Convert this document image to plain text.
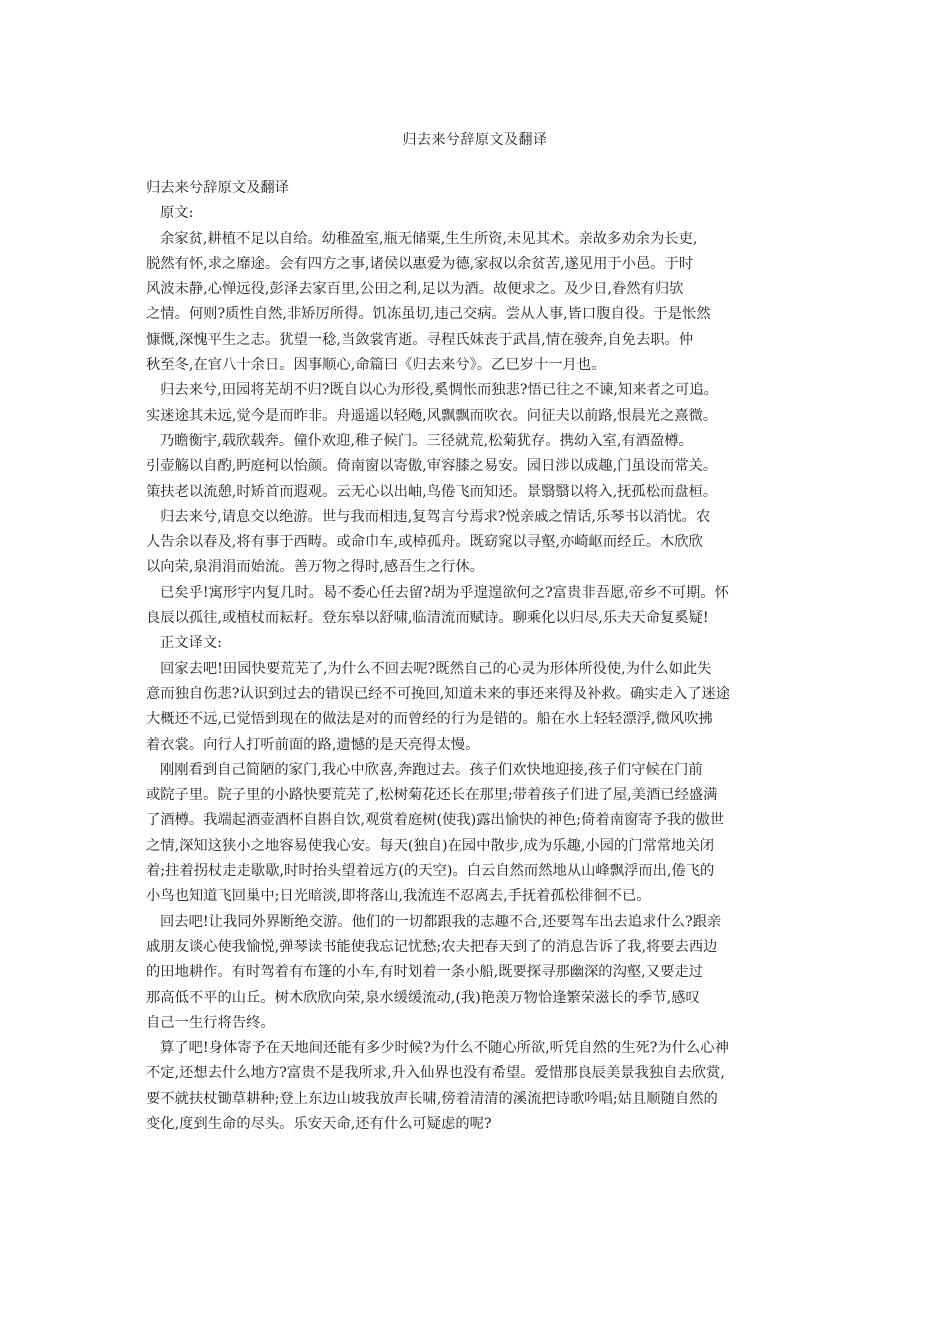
归去来兮辞原文及翻译
归去来兮辞原文及翻译
原文:
余家贫,耕植不足以自给。幼稚盈室,瓶无储粟,生生所资,未见其术。亲故多劝余为长吏,
脱然有怀,求之靡途。会有四方之事,诸侯以惠爱为德,家叔以余贫苦,遂见用于小邑。于时
风波未静,心惮远役,彭泽去家百里,公田之利,足以为酒。故便求之。及少日,眷然有归欤
之情。何则?质性自然,非矫厉所得。饥冻虽切,违己交病。尝从人事,皆口腹自役。于是怅然
慷慨,深愧平生之志。犹望一稔,当敛裳宵逝。寻程氏妹丧于武昌,情在骏奔,自免去职。仲
秋至冬,在官八十余日。因事顺心,命篇曰《归去来兮》。乙巳岁十一月也。
归去来兮,田园将芜胡不归?既自以心为形役,奚惆怅而独悲?悟已往之不谏,知来者之可追。
实迷途其未远,觉今是而昨非。舟遥遥以轻飏,风飘飘而吹衣。问征夫以前路,恨晨光之熹微。
乃瞻衡宇,载欣载奔。僮仆欢迎,稚子候门。三径就荒,松菊犹存。携幼入室,有酒盈樽。
引壶觞以自酌,眄庭柯以怡颜。倚南窗以寄傲,审容膝之易安。园日涉以成趣,门虽设而常关。
策扶老以流憩,时矫首而遐观。云无心以出岫,鸟倦飞而知还。景翳翳以将入,抚孤松而盘桓。
归去来兮,请息交以绝游。世与我而相违,复驾言兮焉求?悦亲戚之情话,乐琴书以消忧。农
人告余以春及,将有事于西畴。或命巾车,或棹孤舟。既窈窕以寻壑,亦崎岖而经丘。木欣欣
以向荣,泉涓涓而始流。善万物之得时,感吾生之行休。
已矣乎!寓形宇内复几时。曷不委心任去留?胡为乎遑遑欲何之?富贵非吾愿,帝乡不可期。怀
良辰以孤往,或植杖而耘耔。登东皋以舒啸,临清流而赋诗。聊乘化以归尽,乐夫天命复奚疑!
正文译文:
回家去吧!田园快要荒芜了,为什么不回去呢?既然自己的心灵为形体所役使,为什么如此失
意而独自伤悲?认识到过去的错误已经不可挽回,知道未来的事还来得及补救。确实走入了迷途
大概还不远,已觉悟到现在的做法是对的而曾经的行为是错的。船在水上轻轻漂浮,微风吹拂
着衣裳。向行人打听前面的路,遗憾的是天亮得太慢。
刚刚看到自己简陋的家门,我心中欣喜,奔跑过去。孩子们欢快地迎接,孩子们守候在门前
或院子里。院子里的小路快要荒芜了,松树菊花还长在那里;带着孩子们进了屋,美酒已经盛满
了酒樽。我端起酒壶酒杯自斟自饮,观赏着庭树(使我)露出愉快的神色;倚着南窗寄予我的傲世
之情,深知这狭小之地容易使我心安。每天(独自)在园中散步,成为乐趣,小园的门常常地关闭
着;拄着拐杖走走歇歇,时时抬头望着远方(的天空)。白云自然而然地从山峰飘浮而出,倦飞的
小鸟也知道飞回巢中;日光暗淡,即将落山,我流连不忍离去,手抚着孤松徘徊不已。
回去吧!让我同外界断绝交游。他们的一切都跟我的志趣不合,还要驾车出去追求什么?跟亲
戚朋友谈心使我愉悦,弹琴读书能使我忘记忧愁;农夫把春天到了的消息告诉了我,将要去西边
的田地耕作。有时驾着有布篷的小车,有时划着一条小船,既要探寻那幽深的沟壑,又要走过
那高低不平的山丘。树木欣欣向荣,泉水缓缓流动,(我)艳羡万物恰逢繁荣滋长的季节,感叹
自己一生行将告终。
算了吧!身体寄予在天地间还能有多少时候?为什么不随心所欲,听凭自然的生死?为什么心神
不定,还想去什么地方?富贵不是我所求,升入仙界也没有希望。爱惜那良辰美景我独自去欣赏,
要不就扶杖锄草耕种;登上东边山坡我放声长啸,傍着清清的溪流把诗歌吟唱;姑且顺随自然的
变化,度到生命的尽头。乐安天命,还有什么可疑虑的呢?
